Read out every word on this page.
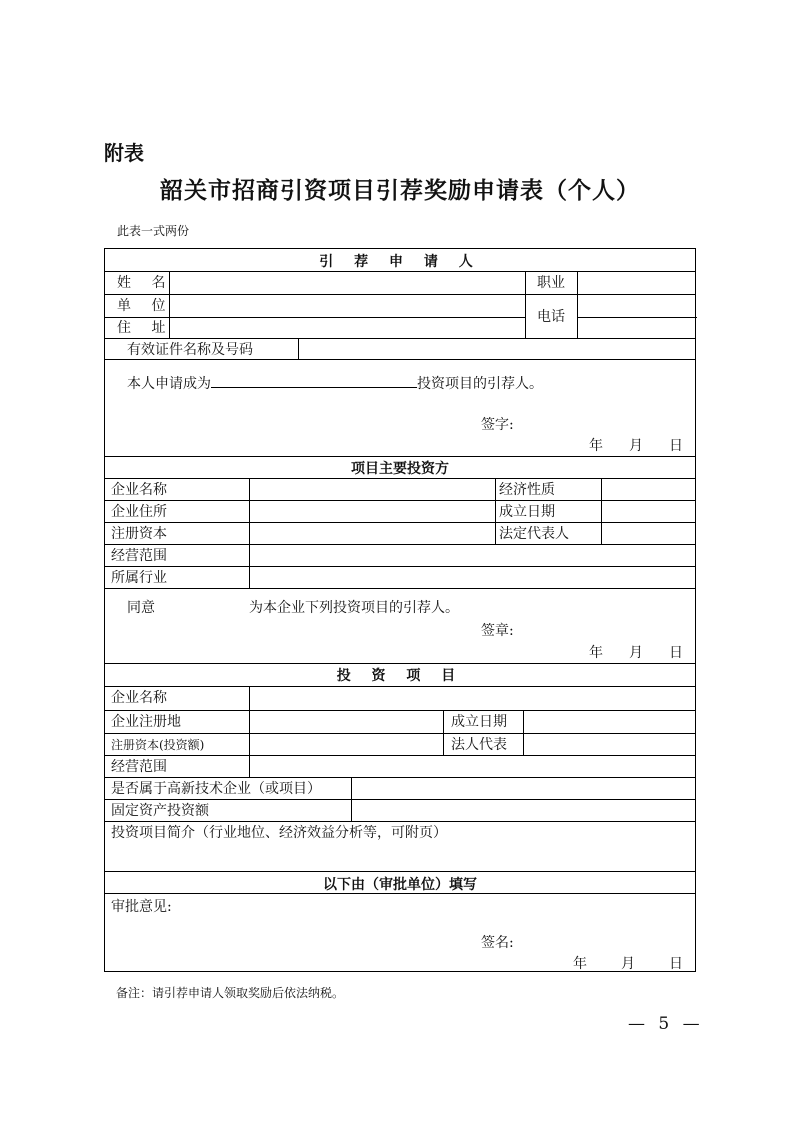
附表
韶关市招商引资项目引荐奖励申请表（个人）
此表一式两份
引 荐 申 请 人
姓 名	职业
单 位
电话
住 址
有效证件名称及号码
本人申请成为	投资项目的引荐人。
签字:
年 月 日
项目主要投资方
企业名称	经济性质
企业住所	成立日期
注册资本	法定代表人
经营范围
所属行业
同意	为本企业下列投资项目的引荐人。
签章:
年 月 日
投 资 项 目
企业名称
企业注册地	成立日期
注册资本(投资额)	法人代表
经营范围
是否属于高新技术企业（或项目）
固定资产投资额
投资项目简介（行业地位、经济效益分析等，可附页）
以下由（审批单位）填写
审批意见:
签名:
年 月 日
备注：请引荐申请人领取奖励后依法纳税。
— 5 —
